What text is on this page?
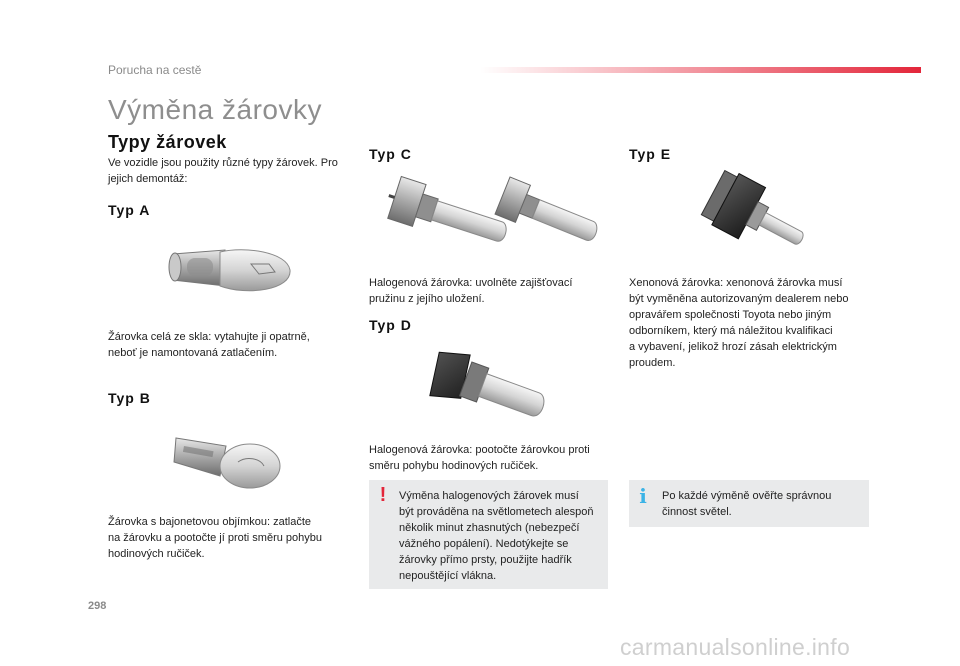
Porucha na cestě
Výměna žárovky
Typy žárovek
Ve vozidle jsou použity různé typy žárovek. Pro
jejich demontáž:
Typ A
Žárovka celá ze skla: vytahujte ji opatrně,
neboť je namontovaná zatlačením.
Typ B
Žárovka s bajonetovou objímkou: zatlačte
na žárovku a pootočte jí proti směru pohybu
hodinových ručiček.
Typ C
Halogenová žárovka: uvolněte zajišťovací
pružinu z jejího uložení.
Typ D
Halogenová žárovka: pootočte žárovkou proti
směru pohybu hodinových ručiček.
!	Výměna halogenových žárovek musí
být prováděna na světlometech alespoň
několik minut zhasnutých (nebezpečí
vážného popálení). Nedotýkejte se
žárovky přímo prsty, použijte hadřík
nepouštějící vlákna.
Typ E
Xenonová žárovka: xenonová žárovka musí
být vyměněna autorizovaným dealerem nebo
opravářem společnosti Toyota nebo jiným
odborníkem, který má náležitou kvalifikaci
a vybavení, jelikož hrozí zásah elektrickým
proudem.
i Po každé výměně ověřte správnou
činnost světel.
298
carmanualsonline.info
